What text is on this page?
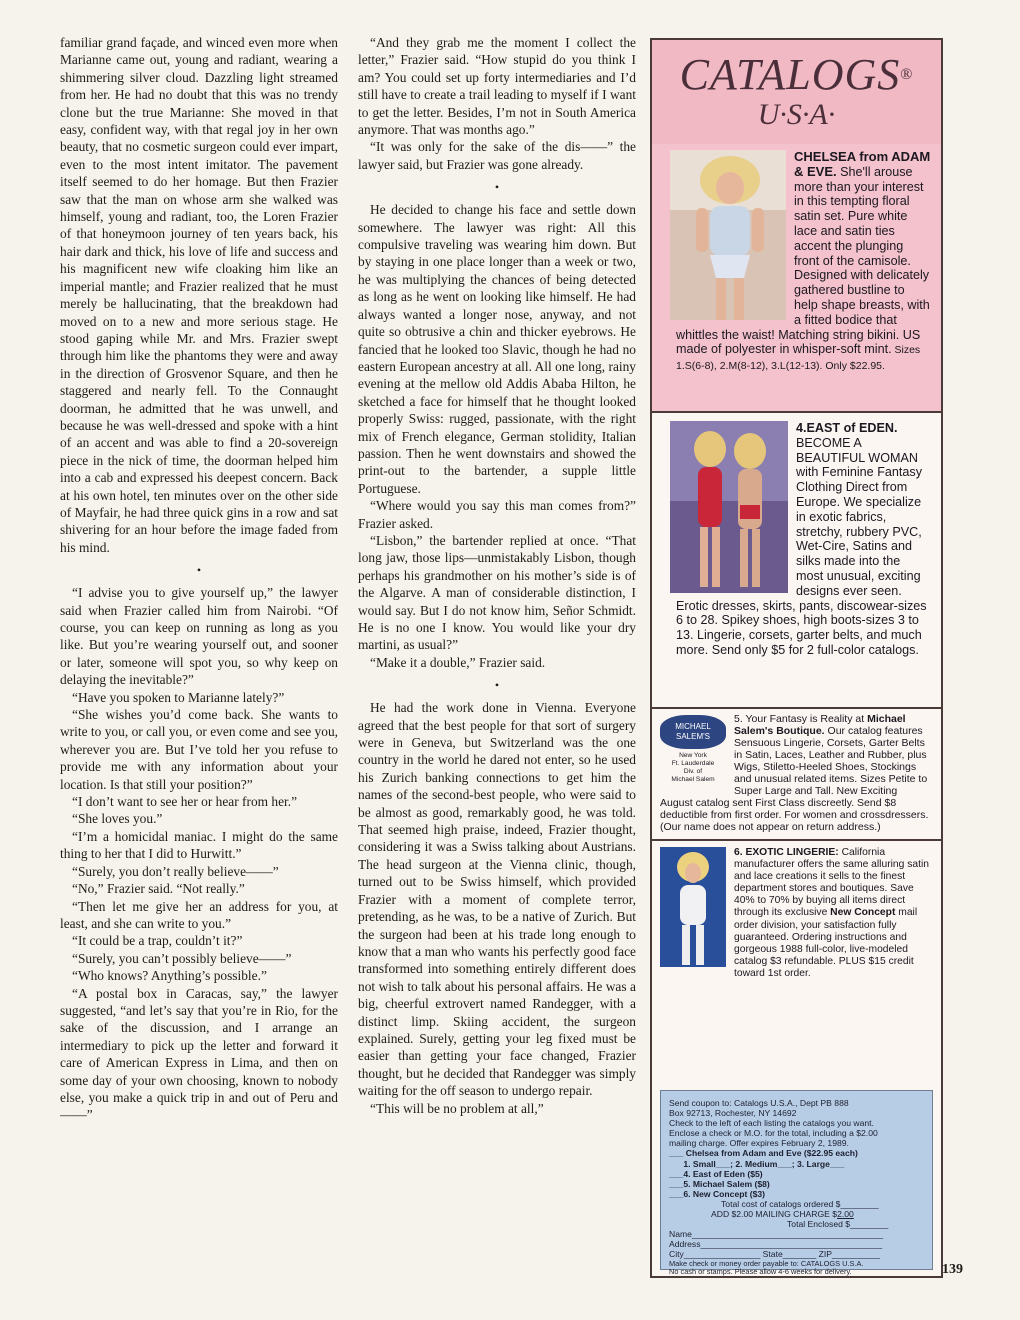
familiar grand façade, and winced even more when Marianne came out, young and radiant, wearing a shimmering silver cloud. Dazzling light streamed from her. He had no doubt that this was no trendy clone but the true Marianne: She moved in that easy, confident way, with that regal joy in her own beauty, that no cosmetic surgeon could ever impart, even to the most intent imitator. The pavement itself seemed to do her homage. But then Frazier saw that the man on whose arm she walked was himself, young and radiant, too, the Loren Frazier of that honeymoon journey of ten years back, his hair dark and thick, his love of life and success and his magnificent new wife cloaking him like an imperial mantle; and Frazier realized that he must merely be hallucinating, that the breakdown had moved on to a new and more serious stage. He stood gaping while Mr. and Mrs. Frazier swept through him like the phantoms they were and away in the direction of Grosvenor Square, and then he staggered and nearly fell. To the Connaught doorman, he admitted that he was unwell, and because he was well-dressed and spoke with a hint of an accent and was able to find a 20-sovereign piece in the nick of time, the doorman helped him into a cab and expressed his deepest concern. Back at his own hotel, ten minutes over on the other side of Mayfair, he had three quick gins in a row and sat shivering for an hour before the image faded from his mind.

•

“I advise you to give yourself up,” the lawyer said when Frazier called him from Nairobi. “Of course, you can keep on running as long as you like. But you’re wearing yourself out, and sooner or later, someone will spot you, so why keep on delaying the inevitable?”

“Have you spoken to Marianne lately?”

“She wishes you’d come back. She wants to write to you, or call you, or even come and see you, wherever you are. But I’ve told her you refuse to provide me with any information about your location. Is that still your position?”

“I don’t want to see her or hear from her.”

“She loves you.”

“I’m a homicidal maniac. I might do the same thing to her that I did to Hurwitt.”

“Surely, you don’t really believe——”

“No,” Frazier said. “Not really.”

“Then let me give her an address for you, at least, and she can write to you.”

“It could be a trap, couldn’t it?”

“Surely, you can’t possibly believe——”

“Who knows? Anything’s possible.”

“A postal box in Caracas, say,” the lawyer suggested, “and let’s say that you’re in Rio, for the sake of the discussion, and I arrange an intermediary to pick up the letter and forward it care of American Express in Lima, and then on some day of your own choosing, known to nobody else, you make a quick trip in and out of Peru and——”

“And they grab me the moment I collect the letter,” Frazier said. “How stupid do you think I am? You could set up forty intermediaries and I’d still have to create a trail leading to myself if I want to get the letter. Besides, I’m not in South America anymore. That was months ago.”

“It was only for the sake of the dis——” the lawyer said, but Frazier was gone already.

•

He decided to change his face and settle down somewhere. The lawyer was right: All this compulsive traveling was wearing him down. But by staying in one place longer than a week or two, he was multiplying the chances of being detected as long as he went on looking like himself. He had always wanted a longer nose, anyway, and not quite so obtrusive a chin and thicker eyebrows. He fancied that he looked too Slavic, though he had no eastern European ancestry at all. All one long, rainy evening at the mellow old Addis Ababa Hilton, he sketched a face for himself that he thought looked properly Swiss: rugged, passionate, with the right mix of French elegance, German stolidity, Italian passion. Then he went downstairs and showed the print-out to the bartender, a supple little Portuguese.

“Where would you say this man comes from?” Frazier asked.

“Lisbon,” the bartender replied at once. “That long jaw, those lips—unmistakably Lisbon, though perhaps his grandmother on his mother’s side is of the Algarve. A man of considerable distinction, I would say. But I do not know him, Señor Schmidt. He is no one I know. You would like your dry martini, as usual?”

“Make it a double,” Frazier said.

•

He had the work done in Vienna. Everyone agreed that the best people for that sort of surgery were in Geneva, but Switzerland was the one country in the world he dared not enter, so he used his Zurich banking connections to get him the names of the second-best people, who were said to be almost as good, remarkably good, he was told. That seemed high praise, indeed, Frazier thought, considering it was a Swiss talking about Austrians. The head surgeon at the Vienna clinic, though, turned out to be Swiss himself, which provided Frazier with a moment of complete terror, pretending, as he was, to be a native of Zurich. But the surgeon had been at his trade long enough to know that a man who wants his perfectly good face transformed into something entirely different does not wish to talk about his personal affairs. He was a big, cheerful extrovert named Randegger, with a distinct limp. Skiing accident, the surgeon explained. Surely, getting your leg fixed must be easier than getting your face changed, Frazier thought, but he decided that Randegger was simply waiting for the off season to undergo repair.

“This will be no problem at all,”

CATALOGS®
U·S·A·
CHELSEA from ADAM & EVE. She'll arouse more than your interest in this tempting floral satin set. Pure white lace and satin ties accent the plunging front of the camisole. Designed with delicately gathered bustline to help shape breasts, with a fitted bodice that whittles the waist! Matching string bikini. US made of polyester in whisper-soft mint. Sizes 1.S(6-8), 2.M(8-12), 3.L(12-13). Only $22.95.
4.EAST of EDEN. BECOME A BEAUTIFUL WOMAN with Feminine Fantasy Clothing Direct from Europe. We specialize in exotic fabrics, stretchy, rubbery PVC, Wet-Cire, Satins and silks made into the most unusual, exciting designs ever seen. Erotic dresses, skirts, pants, discowear-sizes 6 to 28. Spikey shoes, high boots-sizes 3 to 13. Lingerie, corsets, garter belts, and much more. Send only $5 for 2 full-color catalogs.
MICHAEL SALEM'S
New York
Ft. Lauderdale
Div. of
Michael Salem
5. Your Fantasy is Reality at Michael Salem's Boutique. Our catalog features Sensuous Lingerie, Corsets, Garter Belts in Satin, Laces, Leather and Rubber, plus Wigs, Stiletto-Heeled Shoes, Stockings and unusual related items. Sizes Petite to Super Large and Tall. New Exciting August catalog sent First Class discreetly. Send $8 deductible from first order. For women and crossdressers. (Our name does not appear on return address.)
6. EXOTIC LINGERIE: California manufacturer offers the same alluring satin and lace creations it sells to the finest department stores and boutiques. Save 40% to 70% by buying all items direct through its exclusive New Concept mail order division, your satisfaction fully guaranteed. Ordering instructions and gorgeous 1988 full-color, live-modeled catalog $3 refundable. PLUS $15 credit toward 1st order.
Send coupon to: Catalogs U.S.A., Dept PB 888
Box 92713, Rochester, NY 14692
Check to the left of each listing the catalogs you want.
Enclose a check or M.O. for the total, including a $2.00
mailing charge. Offer expires February 2, 1989.
___ Chelsea from Adam and Eve ($22.95 each)
1. Small___; 2. Medium___; 3. Large___
___4. East of Eden ($5)
___5. Michael Salem ($8)
___6. New Concept ($3)
Total cost of catalogs ordered $________
ADD $2.00 MAILING CHARGE $2.00
Total Enclosed $________
Name________________________________________
Address______________________________________
City________________ State_______ ZIP__________
Make check or money order payable to: CATALOGS U.S.A.
No cash or stamps. Please allow 4-6 weeks for delivery.	139
